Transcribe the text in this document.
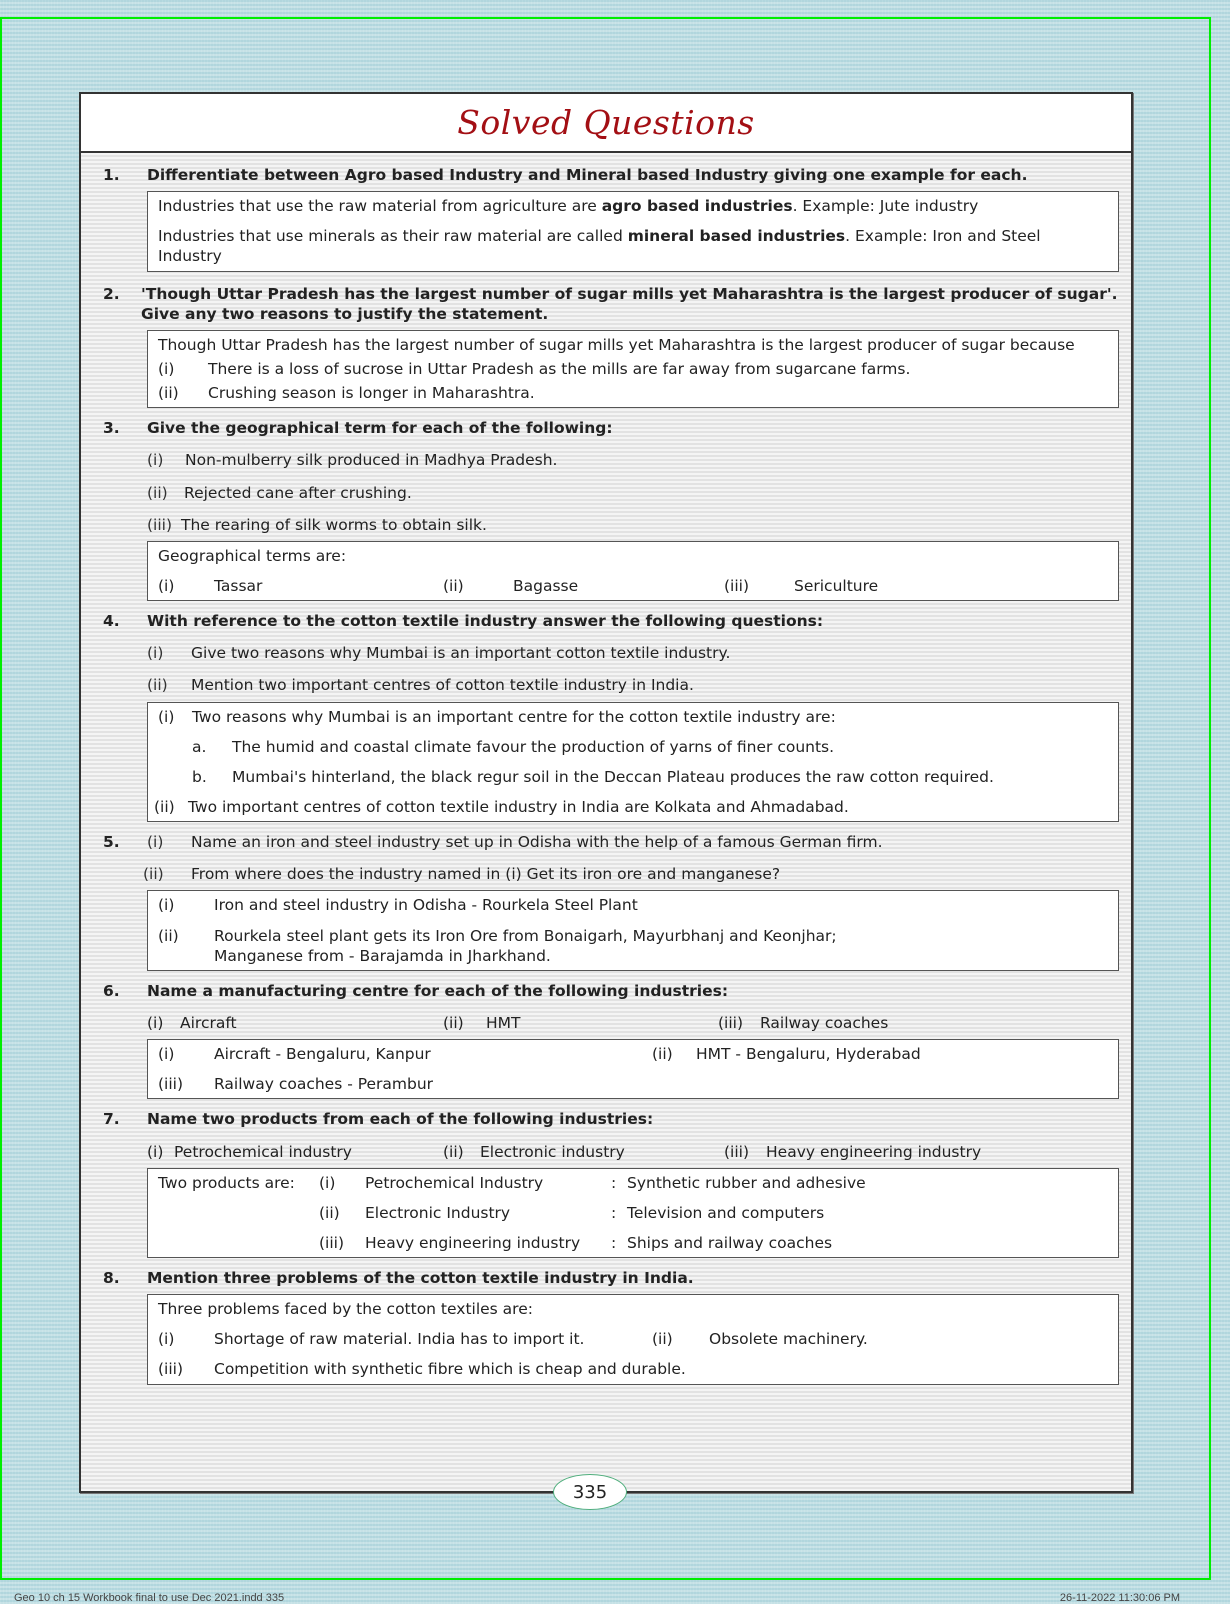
Solved Questions
1.	Differentiate between Agro based Industry and Mineral based Industry giving one example for each.

Industries that use the raw material from agriculture are agro based industries. Example: Jute industry

Industries that use minerals as their raw material are called mineral based industries. Example: Iron and Steel Industry

2.	'Though Uttar Pradesh has the largest number of sugar mills yet Maharashtra is the largest producer of sugar'. Give any two reasons to justify the statement.

Though Uttar Pradesh has the largest number of sugar mills yet Maharashtra is the largest producer of sugar because

(i)	There is a loss of sucrose in Uttar Pradesh as the mills are far away from sugarcane farms.
(ii)	Crushing season is longer in Maharashtra.
3.	Give the geographical term for each of the following:
(i)	Non-mulberry silk produced in Madhya Pradesh.
(ii)	Rejected cane after crushing.
(iii) The rearing of silk worms to obtain silk.

Geographical terms are:

(i)	Tassar	(ii)	Bagasse	(iii)	Sericulture
4.	With reference to the cotton textile industry answer the following questions:
(i)	Give two reasons why Mumbai is an important cotton textile industry.
(ii)	Mention two important centres of cotton textile industry in India.
(i)	Two reasons why Mumbai is an important centre for the cotton textile industry are:
a.	The humid and coastal climate favour the production of yarns of finer counts.
b.	Mumbai's hinterland, the black regur soil in the Deccan Plateau produces the raw cotton required.
(ii) Two important centres of cotton textile industry in India are Kolkata and Ahmadabad.
5.	(i)	Name an iron and steel industry set up in Odisha with the help of a famous German firm.
(ii)	From where does the industry named in (i) Get its iron ore and manganese?
(i)	Iron and steel industry in Odisha - Rourkela Steel Plant
(ii)	Rourkela steel plant gets its Iron Ore from Bonaigarh, Mayurbhanj and Keonjhar;
Manganese from - Barajamda in Jharkhand.
6.	Name a manufacturing centre for each of the following industries:
(i)	Aircraft	(ii)	HMT	(iii)	Railway coaches
(i)	Aircraft - Bengaluru, Kanpur	(ii)	HMT - Bengaluru, Hyderabad
(iii)	Railway coaches - Perambur
7.	Name two products from each of the following industries:
(i) Petrochemical industry	(ii)	Electronic industry	(iii)	Heavy engineering industry
Two products are:	(i)	Petrochemical Industry	: Synthetic rubber and adhesive
(ii)	Electronic Industry	: Television and computers
(iii)	Heavy engineering industry	: Ships and railway coaches
8.	Mention three problems of the cotton textile industry in India.

Three problems faced by the cotton textiles are:

(i)	Shortage of raw material. India has to import it.	(ii)	Obsolete machinery.
(iii)	Competition with synthetic fibre which is cheap and durable.
335
Geo 10 ch 15 Workbook final to use Dec 2021.indd 335	26-11-2022 11:30:06 PM
